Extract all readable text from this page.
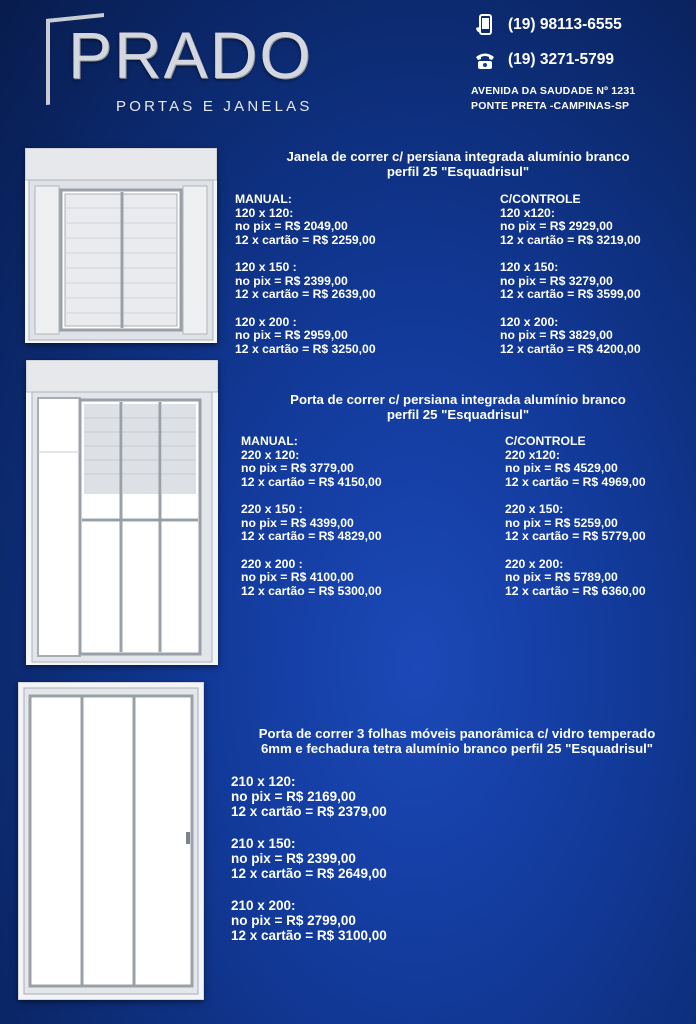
PRADO
PORTAS E JANELAS
(19) 98113-6555
(19) 3271-5799
AVENIDA DA SAUDADE Nº 1231
PONTE PRETA -CAMPINAS-SP
Janela de correr c/ persiana integrada alumínio branco
perfil 25 "Esquadrisul"
MANUAL:
120 x 120:
no pix = R$ 2049,00
12 x cartão = R$ 2259,00
120 x 150 :
no pix = R$ 2399,00
12 x cartão = R$ 2639,00
120 x 200 :
no pix = R$ 2959,00
12 x cartão = R$ 3250,00
C/CONTROLE
120 x120:
no pix = R$ 2929,00
12 x cartão = R$ 3219,00
120 x 150:
no pix = R$ 3279,00
12 x cartão = R$ 3599,00
120 x 200:
no pix = R$ 3829,00
12 x cartão = R$ 4200,00
Porta de correr c/ persiana integrada alumínio branco
perfil 25 "Esquadrisul"
MANUAL:
220 x 120:
no pix = R$ 3779,00
12 x cartão = R$ 4150,00
220 x 150 :
no pix = R$ 4399,00
12 x cartão = R$ 4829,00
220 x 200 :
no pix = R$ 4100,00
12 x cartão = R$ 5300,00
C/CONTROLE
220 x120:
no pix = R$ 4529,00
12 x cartão = R$ 4969,00
220 x 150:
no pix = R$ 5259,00
12 x cartão = R$ 5779,00
220 x 200:
no pix = R$ 5789,00
12 x cartão = R$ 6360,00
Porta de correr 3 folhas móveis panorâmica c/ vidro temperado
6mm e fechadura tetra alumínio branco perfil 25 "Esquadrisul"
210 x 120:
no pix = R$ 2169,00
12 x cartão = R$ 2379,00
210 x 150:
no pix = R$ 2399,00
12 x cartão = R$ 2649,00
210 x 200:
no pix = R$ 2799,00
12 x cartão = R$ 3100,00
